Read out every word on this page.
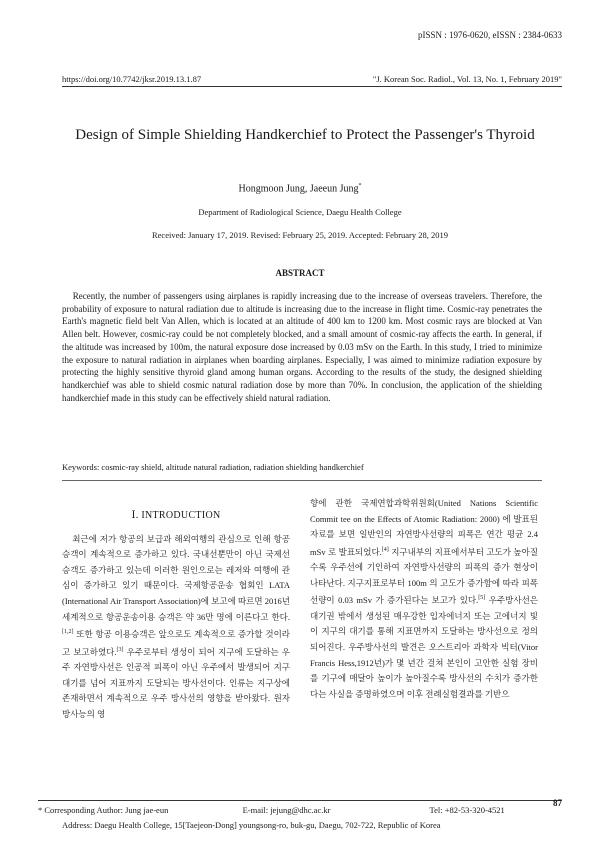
pISSN : 1976-0620, eISSN : 2384-0633
https://doi.org/10.7742/jksr.2019.13.1.87	"J. Korean Soc. Radiol., Vol. 13, No. 1, February 2019"
Design of Simple Shielding Handkerchief to Protect the Passenger's Thyroid
Hongmoon Jung, Jaeeun Jung*
Department of Radiological Science, Daegu Health College
Received: January 17, 2019. Revised: February 25, 2019. Accepted: February 28, 2019
ABSTRACT
Recently, the number of passengers using airplanes is rapidly increasing due to the increase of overseas travelers. Therefore, the probability of exposure to natural radiation due to altitude is increasing due to the increase in flight time. Cosmic-ray penetrates the Earth's magnetic field belt Van Allen, which is located at an altitude of 400 km to 1200 km. Most cosmic rays are blocked at Van Allen belt. However, cosmic-ray could be not completely blocked, and a small amount of cosmic-ray affects the earth. In general, if the altitude was increased by 100m, the natural exposure dose increased by 0.03 mSv on the Earth. In this study, I tried to minimize the exposure to natural radiation in airplanes when boarding airplanes. Especially, I was aimed to minimize radiation exposure by protecting the highly sensitive thyroid gland among human organs. According to the results of the study, the designed shielding handkerchief was able to shield cosmic natural radiation dose by more than 70%. In conclusion, the application of the shielding handkerchief made in this study can be effectively shield natural radiation.
Keywords: cosmic-ray shield, altitude natural radiation, radiation shielding handkerchief
Ⅰ. INTRODUCTION

최근에 저가 항공의 보급과 해외여행의 관심으로 인해 항공승객이 계속적으로 증가하고 있다. 국내선뿐만이 아닌 국제선승객도 증가하고 있는데 이러한 원인으로는 레저와 여행에 관심이 증가하고 있기 때문이다. 국제항공운송 협회인 LATA (International Air Transport Association)에 보고에 따르면 2016년 세계적으로 항공운송이용 승객은 약 36만 명에 이른다고 한다.[1,2] 또한 항공 이용승객은 앞으로도 계속적으로 증가할 것이라고 보고하였다.[3] 우주로부터 생성이 되어 지구에 도달하는 우주 자연방사선은 인공적 피폭이 아닌 우주에서 발생되어 지구대기를 넘어 지표까지 도달되는 방사선이다. 인류는 지구상에 존재하면서 계속적으로 우주 방사선의 영향을 받아왔다. 원자방사능의 영

향에 관한 국제연합과학위원회(United Nations Scientific Commit tee on the Effects of Atomic Radiation: 2000) 에 발표된 자료를 보면 일반인의 자연방사선량의 피폭은 연간 평균 2.4 mSv 로 발표되었다.[4] 지구내부의 지표에서부터 고도가 높아질수록 우주선에 기인하여 자연방사선량의 피폭의 증가 현상이 나타난다. 지구지표로부터 100m 의 고도가 증가함에 따라 피폭선량이 0.03 mSv 가 증가된다는 보고가 있다.[5] 우주방사선은 대기권 밖에서 생성된 매우강한 입자에너지 또는 고에너지 빛이 지구의 대기를 통해 지표면까지 도달하는 방사선으로 정의되어진다. 우주방사선의 발견은 오스트리아 과학자 빅터(Vitor Francis Hess,1912년)가 몇 년간 걸쳐 본인이 고안한 실험 장비를 기구에 매달아 높이가 높아질수록 방사선의 수치가 증가한다는 사실을 증명하였으며 이후 전례실험결과를 기반으

87
* Corresponding Author: Jung jae-eun	E-mail: jejung@dhc.ac.kr	Tel: +82-53-320-4521
Address: Daegu Health College, 15[Taejeon-Dong] youngsong-ro, buk-gu, Daegu, 702-722, Republic of Korea
